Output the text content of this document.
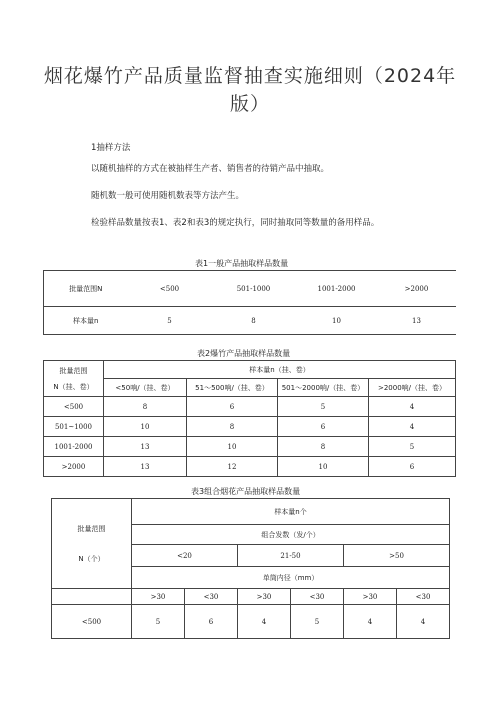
烟花爆竹产品质量监督抽查实施细则（2024年版）
1抽样方法
以随机抽样的方式在被抽样生产者、销售者的待销产品中抽取。
随机数一般可使用随机数表等方法产生。
检验样品数量按表1、表2和表3的规定执行，同时抽取同等数量的备用样品。
表1一般产品抽取样品数量
批量范围N	<500	501-1000	1001-2000	>2000
样本量n	5	8	10	13
表2爆竹产品抽取样品数量
批量范围
N（挂、卷）	样本量n（挂、卷）			
	<50响/（挂、卷）	51～500响/（挂、卷）	501～2000响/（挂、卷）	>2000响/（挂、卷）
<500	8	6	5	4
501~1000	10	8	6	4
1001-2000	13	10	8	5
>2000	13	12	10	6
表3组合烟花产品抽取样品数量
批量范围
N（个）	样本量n个					
	组合发数（发/个）					
	<20		21-50		>50	
	单筒内径（mm）					
	>30	<30	>30	<30	>30	<30
<500	5	6	4	5	4	4
